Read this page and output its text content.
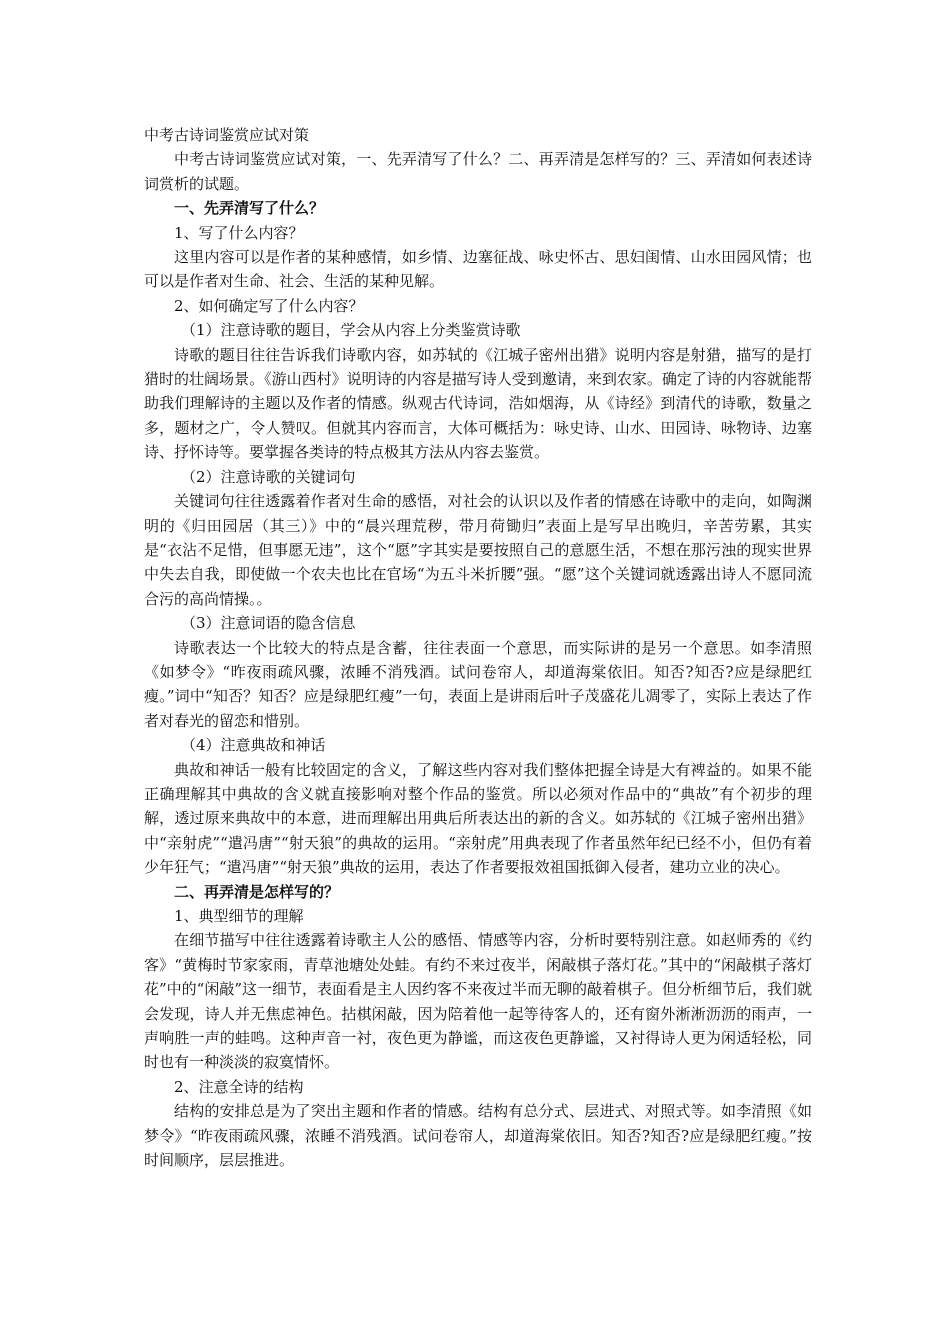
中考古诗词鉴赏应试对策

中考古诗词鉴赏应试对策，一、先弄清写了什么？二、再弄清是怎样写的？三、弄清如何表述诗词赏析的试题。

一、先弄清写了什么？

1、写了什么内容？

这里内容可以是作者的某种感情，如乡情、边塞征战、咏史怀古、思妇闺情、山水田园风情；也可以是作者对生命、社会、生活的某种见解。

2、如何确定写了什么内容？

（1）注意诗歌的题目，学会从内容上分类鉴赏诗歌

诗歌的题目往往告诉我们诗歌内容，如苏轼的《江城子密州出猎》说明内容是射猎，描写的是打猎时的壮阔场景。《游山西村》说明诗的内容是描写诗人受到邀请，来到农家。确定了诗的内容就能帮助我们理解诗的主题以及作者的情感。纵观古代诗词，浩如烟海，从《诗经》到清代的诗歌，数量之多，题材之广，令人赞叹。但就其内容而言，大体可概括为：咏史诗、山水、田园诗、咏物诗、边塞诗、抒怀诗等。要掌握各类诗的特点极其方法从内容去鉴赏。

（2）注意诗歌的关键词句

关键词句往往透露着作者对生命的感悟，对社会的认识以及作者的情感在诗歌中的走向，如陶渊明的《归田园居（其三）》中的“晨兴理荒秽，带月荷锄归”表面上是写早出晚归，辛苦劳累，其实是“衣沾不足惜，但事愿无违”，这个“愿”字其实是要按照自己的意愿生活，不想在那污浊的现实世界中失去自我，即使做一个农夫也比在官场“为五斗米折腰”强。“愿”这个关键词就透露出诗人不愿同流合污的高尚情操。。

（3）注意词语的隐含信息

诗歌表达一个比较大的特点是含蓄，往往表面一个意思，而实际讲的是另一个意思。如李清照《如梦令》“昨夜雨疏风骤，浓睡不消残酒。试问卷帘人，却道海棠依旧。知否?知否?应是绿肥红瘦。”词中“知否？知否？应是绿肥红瘦”一句，表面上是讲雨后叶子茂盛花儿凋零了，实际上表达了作者对春光的留恋和惜别。

（4）注意典故和神话

典故和神话一般有比较固定的含义，了解这些内容对我们整体把握全诗是大有裨益的。如果不能正确理解其中典故的含义就直接影响对整个作品的鉴赏。所以必须对作品中的“典故”有个初步的理解，透过原来典故中的本意，进而理解出用典后所表达出的新的含义。如苏轼的《江城子密州出猎》中“亲射虎”“遣冯唐”“射天狼”的典故的运用。“亲射虎”用典表现了作者虽然年纪已经不小，但仍有着少年狂气；“遣冯唐”“射天狼”典故的运用，表达了作者要报效祖国抵御入侵者，建功立业的决心。

二、再弄清是怎样写的？

1、典型细节的理解

在细节描写中往往透露着诗歌主人公的感悟、情感等内容，分析时要特别注意。如赵师秀的《约客》“黄梅时节家家雨，青草池塘处处蛙。有约不来过夜半，闲敲棋子落灯花。”其中的“闲敲棋子落灯花”中的“闲敲”这一细节，表面看是主人因约客不来夜过半而无聊的敲着棋子。但分析细节后，我们就会发现，诗人并无焦虑神色。拈棋闲敲，因为陪着他一起等待客人的，还有窗外淅淅沥沥的雨声，一声响胜一声的蛙鸣。这种声音一衬，夜色更为静谧，而这夜色更静谧，又衬得诗人更为闲适轻松，同时也有一种淡淡的寂寞情怀。

2、注意全诗的结构

结构的安排总是为了突出主题和作者的情感。结构有总分式、层进式、对照式等。如李清照《如梦令》“昨夜雨疏风骤，浓睡不消残酒。试问卷帘人，却道海棠依旧。知否?知否?应是绿肥红瘦。”按时间顺序，层层推进。
